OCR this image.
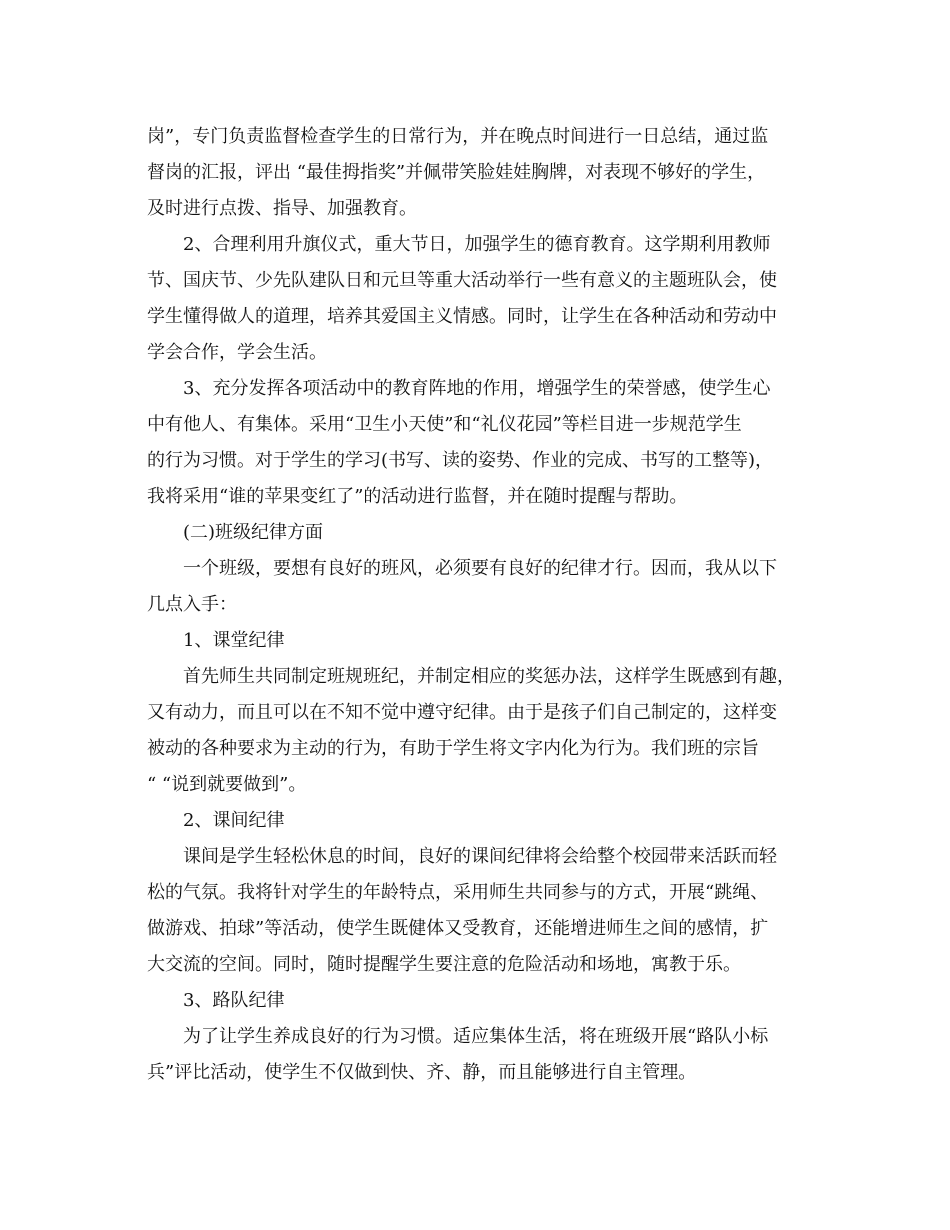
岗”，专门负责监督检查学生的日常行为，并在晚点时间进行一日总结，通过监
督岗的汇报，评出 “最佳拇指奖”并佩带笑脸娃娃胸牌，对表现不够好的学生，
及时进行点拨、指导、加强教育。
2、合理利用升旗仪式，重大节日，加强学生的德育教育。这学期利用教师
节、国庆节、少先队建队日和元旦等重大活动举行一些有意义的主题班队会，使
学生懂得做人的道理，培养其爱国主义情感。同时，让学生在各种活动和劳动中
学会合作，学会生活。
3、充分发挥各项活动中的教育阵地的作用，增强学生的荣誉感，使学生心
中有他人、有集体。采用“卫生小天使”和“礼仪花园”等栏目进一步规范学生
的行为习惯。对于学生的学习(书写、读的姿势、作业的完成、书写的工整等)，
我将采用“谁的苹果变红了”的活动进行监督，并在随时提醒与帮助。
(二)班级纪律方面
一个班级，要想有良好的班风，必须要有良好的纪律才行。因而，我从以下
几点入手：
1、课堂纪律
首先师生共同制定班规班纪，并制定相应的奖惩办法，这样学生既感到有趣，
又有动力，而且可以在不知不觉中遵守纪律。由于是孩子们自己制定的，这样变
被动的各种要求为主动的行为，有助于学生将文字内化为行为。我们班的宗旨
“ “说到就要做到”。
2、课间纪律
课间是学生轻松休息的时间，良好的课间纪律将会给整个校园带来活跃而轻
松的气氛。我将针对学生的年龄特点，采用师生共同参与的方式，开展“跳绳、
做游戏、拍球”等活动，使学生既健体又受教育，还能增进师生之间的感情，扩
大交流的空间。同时，随时提醒学生要注意的危险活动和场地，寓教于乐。
3、路队纪律
为了让学生养成良好的行为习惯。适应集体生活，将在班级开展“路队小标
兵”评比活动，使学生不仅做到快、齐、静，而且能够进行自主管理。
